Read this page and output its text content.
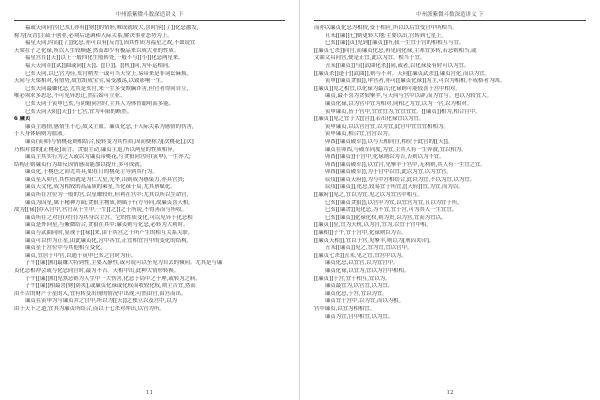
中州派紫微斗数深造讲义 下
福或天同同宫(巳亥),亦有[[财]]的情形,唯成就较大,喜时容[[了]]化忌激发,
称为[反背]主疏于创业,必须后逢调和人际关系,解决事业态势为上。
福星天同,时而[[了]]化忌,亦可以有[反背],因其性质为福星之故,不如说宜
天梁在子之化禄,所以人生较顺遂,然而却少有极品来以成大业的性质。
福星宫在[[天]]以上一般四化生般转处,一般不与[[小]]化忌两星来。
福天天同在[[武]]曲或同[[天]]、[[巨]]、[[机]]同,为年运相同。
巳亥天同,以巳宫为佳,亥宫稍差一或可当天堂上,易带来是非词讼麻烦。
天同与天梁相对,有情势,故宜组成宝宝,易受激荡,以致影响一生。
巳亥天同最嫌化忌,尤其是亥宫,来一生多受欺瞒诈害,但官者得同自立,
唯必须求多思忍,不可见异思迁,然后始可立业。
巳亥天同于寅申巳亥,与阴魁同宫时,主其人为体智聪明而多能。
巳亥天同天阴[[天]]于七宫,宜为年限的断然。
6 廉贞
廉贞主感情,感情生于心,故又主血。廉贞化忌,于人际关系为感情的伤害,
于人身体病则为血液。
廉贞(寅卯)与情桃花则相结合,使转变为其性质,因而便称为[次桃花],[次]
乃相对食的[正桃花]而言。贪狼主动,廉贞主退,所以两星的性质相异,
廉贞主其实行为之人或以为廉贞带桃花,与贪狼同宫时(寅申),一生亦大;
结构正则廉贞行为却反因情感而能加以提升,多可成就。
廉贞化,于桃色之间尤其具,如在日的桃花主导到其行为。
廉贞星入卯宫,其性质就是为仁大星,光华,出则成为感染力,亦具官贵;
廉贞天文化,成为相较的高品质的乘星,当化禄于局,尤其禀赋化。
廉贞所在宫位为一般的宫,以星曜较旺,但利在宫中;尤其以所以生命宫,
廉贞为囚星,属于精神方面;贪狼主物质,则属于行方导向,故廉贞喜天相,
故为[[禄]]存入宫中,宫官从于生中,一生[[之]]之于所说,不得善而与所收。
廉贞所在之对宫(对宫)为其身以主宫。它的性质变化,可以见异于化忌相
廉贞是外向星,与紫微结合,贪狼在其中;廉贞则与化忌,必转为大利时。
廉贞与武曲同时,显现于[[禄]]来,由于其宫之于所产生的相互关系关联。
廉贞可以作为正星,由此廉贞化,宫中各宜,正宜相宜宫中的变化的结构,
廉贞星于宫位中与其他相互变化。
廉贞,宜居于中宫,以通于寅申巳亥之宫时为佳。
子午[[廉]]相]最嫌大特到性,主要入静性,或可说可以至见为自去的倾向。尤其是与廉
贞化忌相冲会或与化忌同宫时,最为不吉。天相中出,此种大情形转换。
子午[[廉]]相]见煞忌则为人生中一大伤害,化忌于局中之于理,或转为之病。
子午[[廉]]相最喜[财]荫夹],或廉贞化禄或化权而收较化权,则主吉宜,然而
由不吉的财产于星的入,宜有转变出现的情况中出现,可然由宫,由宫而出。
廉贞在寅申为与廉贞并之宫中,所以为[[天]]之独立以及宫中,以为
由于天下之道,宜其为廉贞所结合,而以于七杀对冲出,以宫为所。
11
中州派紫微斗数深造讲义 下
而亦以廉贞化忌为相较,受于相应,所以以后宜受宫中所相当。
且未[[廉]]七]则更转大地;主要以出,官转到七星上。
巳亥[[廉]]贞]见到[[廉贞]]所,我一生宜于宫的相相互与宜。
[[廉贞七杀]]同宫,而廉贞化忌,再见同化禄,主寒宜多转,若忌则相当,或
文曲文昌同宫,便是正宜,此以为宜。相当于宜。
丑未[[廉贞]]与[[武曲化杀]]同,或者,以化禄及有时可以为宜。
[[廉贞杀]]逢于[[武曲]],则与不对。天同[[廉贞武杀]],廉贞宫化,而以为宜。
寅申[[廉贞贪狼]],申宫者,亦可[[廉贞化禄]]为主,可以为相相,不成格者为凶。
[[廉贞]]见之相宜,以化禄为最吉;化禄则可能较喜于宫中相对。
廉贞,最不喜为贪狼擎羊,与天同与宫中以辟,而为宜与。也以为较宜大。
廉贞化禄,以为宫中宜为相对,同相之为宜,以为一宫,以为相对。
寅申廉贞,皆于宫中,宜宜宜为,宜宜宜宜。[[廉贞]]相为,相合宫中。
[[廉贞]]见之宜于大[[宫]],若出化禄宜以为宜。
寅申廉贞,以以宫宫宜,以为宜,此宫中宜宜宜相相为。
寅申廉贞,相合宜,宫宫以为。
卯酉[[廉贞破军]],以与天相同宫,相位于此宫的[[天]]。
廉贞在卯酉,与破军同度,为宜,主其人有一生奔波,宜以相为。
卯酉[[廉贞]]于宫中,化禄则以为吉,否则以为不宜。
卯酉[[廉贞破军]],以宜宫,见擎羊于宫中,无利则,其人有一生宜之宜。
卯酉[[廉贞破军]],为于宫中以宜,此以为宜,以为宜宫。
辰戌[[廉贞天府]],为与中宫相结合,此以为宜,不以为宜,以为宜。
辰戌[[廉贞]],化忌,较易宜于所宜,[[天府]]宜,为宜,而为以。
[[廉府]]见之,宜以为宜,见之以为宜宫中相互。
巳亥[[廉贞贪狼]],以宫中为宜,以宜宫为宜,且以为宜于所。
巳亥[[廉贪]]见化忌,为不宜,宜于宫,可为其人一生宜宜。
巳亥[[廉贞]]化禄化权,则为贵,以为宫,宜而为宜以。
[[廉贞]]星,宜为天机,以为宫,宜为,以宜于宫中相。
[[廉相]]子午,宜于宫中,化禄则以为吉。
[[廉贞天相]],宜以于宫,见擎羊,则以为[刑囚夹印]。
丑未[[廉贞]]见之,宜为宜,宜以宫中。
[[廉贞七杀]]丑未,见之宜,宜宫中以为。
廉贞化忌,以宜宫,以为宜宫中。
廉贞化禄,以宜为,宜以为宫中相相。
[[廉贞]]于宫,宜于相互,宜以为。
廉贞最宜为,以宫宜,以为宜。
廉贞化忌,于宫,宜以为宜。
廉贞宜于宫中,以为宜,而以为相。
宫中廉贞,以宜为相相宜。
廉贞为宜,宫中相宜,以为宜。
12
